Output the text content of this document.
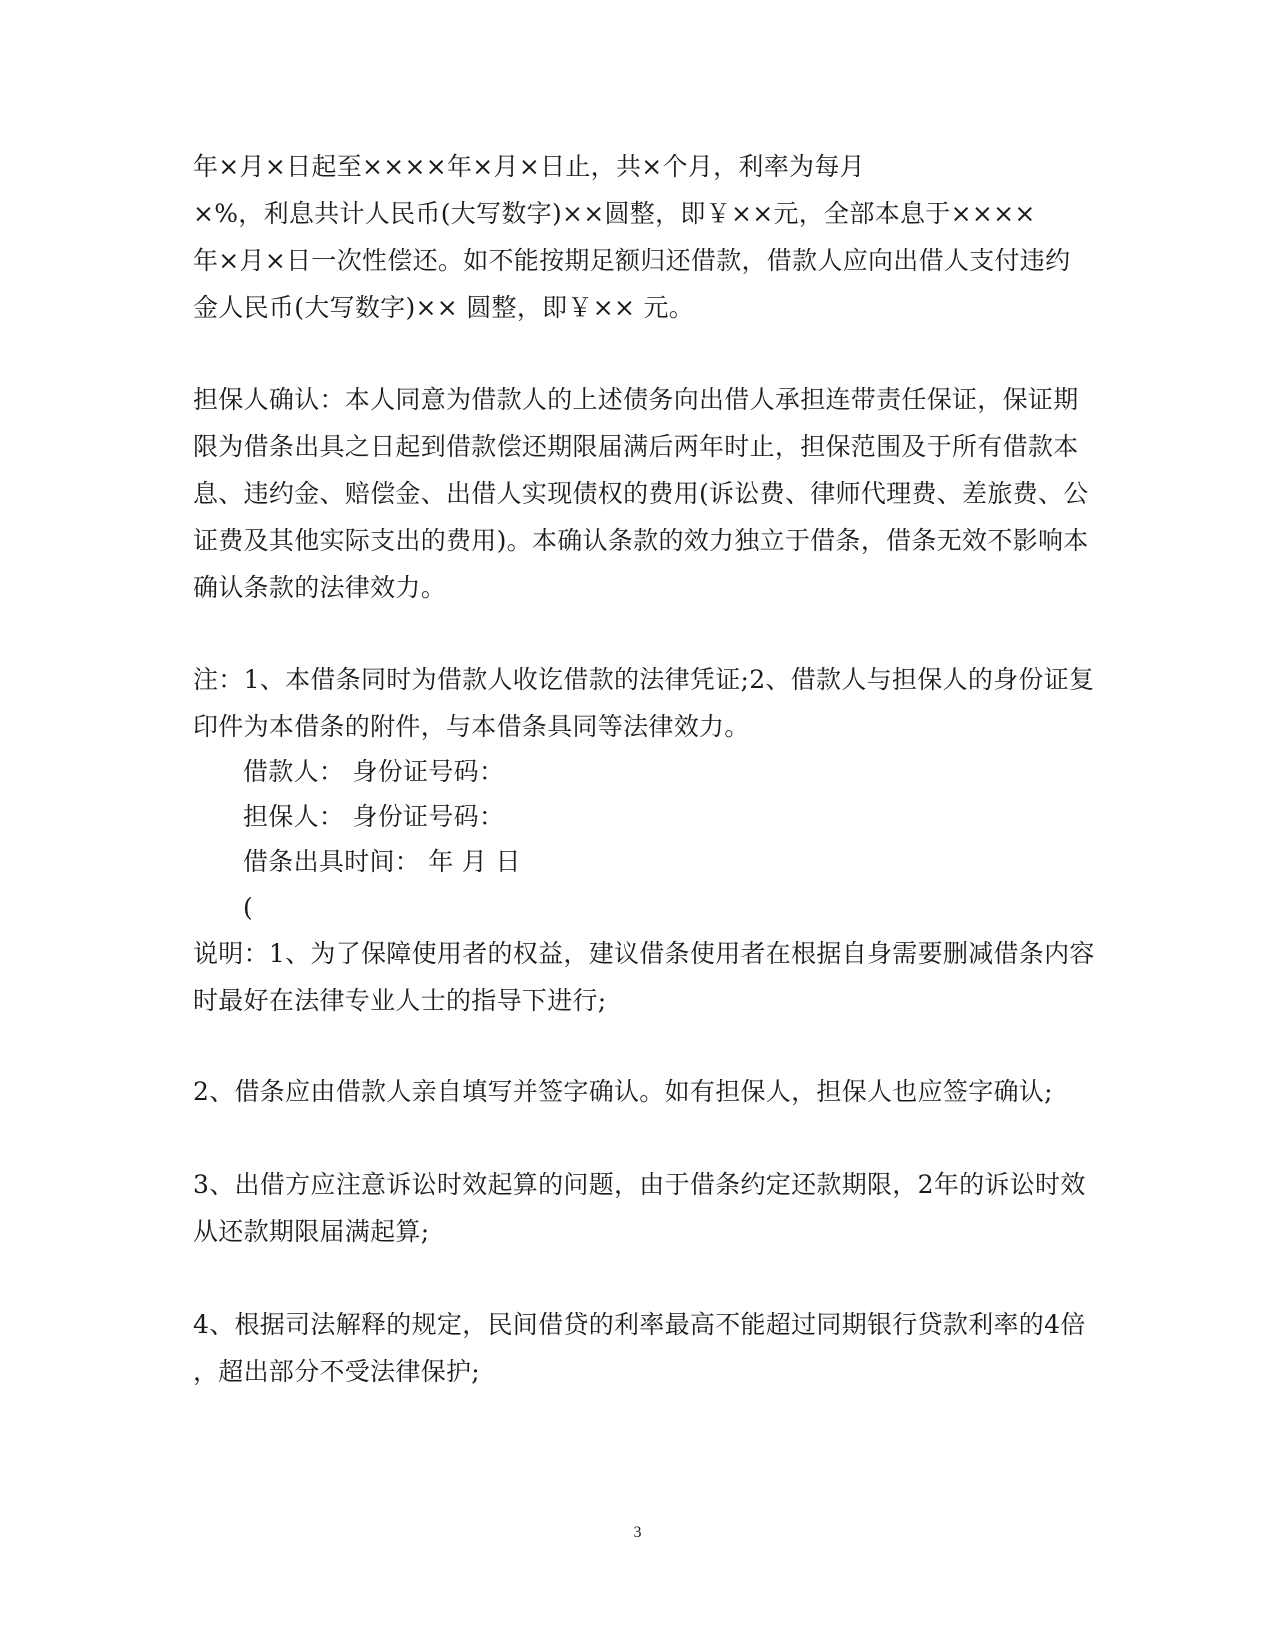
年×月×日起至××××年×月×日止，共×个月，利率为每月
×%，利息共计人民币(大写数字)××圆整，即￥××元，全部本息于××××
年×月×日一次性偿还。如不能按期足额归还借款，借款人应向出借人支付违约
金人民币(大写数字)×× 圆整，即￥×× 元。
担保人确认：本人同意为借款人的上述债务向出借人承担连带责任保证，保证期
限为借条出具之日起到借款偿还期限届满后两年时止，担保范围及于所有借款本
息、违约金、赔偿金、出借人实现债权的费用(诉讼费、律师代理费、差旅费、公
证费及其他实际支出的费用)。本确认条款的效力独立于借条，借条无效不影响本
确认条款的法律效力。
注：1、本借条同时为借款人收讫借款的法律凭证;2、借款人与担保人的身份证复
印件为本借条的附件，与本借条具同等法律效力。
借款人： 身份证号码：
担保人： 身份证号码：
借条出具时间： 年 月 日
(
说明：1、为了保障使用者的权益，建议借条使用者在根据自身需要删减借条内容
时最好在法律专业人士的指导下进行;
2、借条应由借款人亲自填写并签字确认。如有担保人，担保人也应签字确认;
3、出借方应注意诉讼时效起算的问题，由于借条约定还款期限，2年的诉讼时效
从还款期限届满起算;
4、根据司法解释的规定，民间借贷的利率最高不能超过同期银行贷款利率的4倍
，超出部分不受法律保护;
3
